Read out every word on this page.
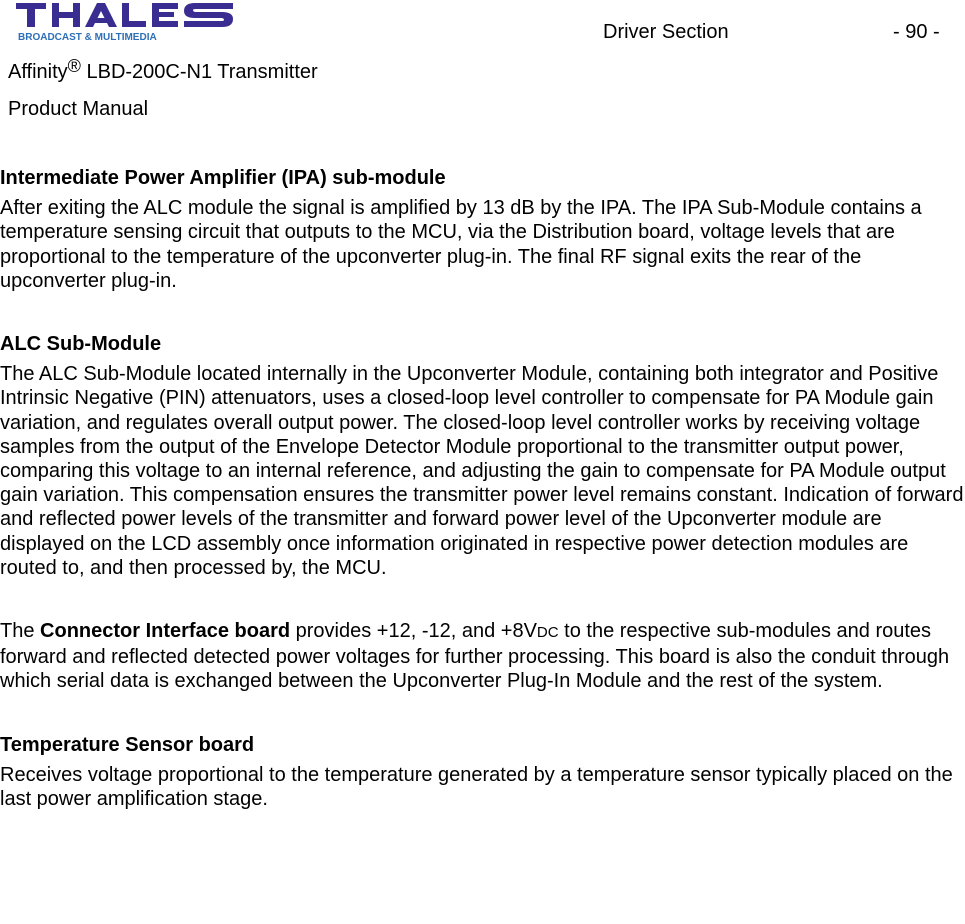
BROADCAST & MULTIMEDIA	Driver Section	- 90 -
Affinity® LBD-200C-N1 Transmitter
Product Manual
Intermediate Power Amplifier (IPA) sub-module

After exiting the ALC module the signal is amplified by 13 dB by the IPA. The IPA Sub-Module contains a temperature sensing circuit that outputs to the MCU, via the Distribution board, voltage levels that are proportional to the temperature of the upconverter plug-in. The final RF signal exits the rear of the upconverter plug-in.

ALC Sub-Module

The ALC Sub-Module located internally in the Upconverter Module, containing both integrator and Positive Intrinsic Negative (PIN) attenuators, uses a closed-loop level controller to compensate for PA Module gain variation, and regulates overall output power. The closed-loop level controller works by receiving voltage samples from the output of the Envelope Detector Module proportional to the transmitter output power, comparing this voltage to an internal reference, and adjusting the gain to compensate for PA Module output gain variation. This compensation ensures the transmitter power level remains constant. Indication of forward and reflected power levels of the transmitter and forward power level of the Upconverter module are displayed on the LCD assembly once information originated in respective power detection modules are routed to, and then processed by, the MCU.

The Connector Interface board provides +12, -12, and +8VDC to the respective sub-modules and routes forward and reflected detected power voltages for further processing. This board is also the conduit through which serial data is exchanged between the Upconverter Plug-In Module and the rest of the system.

Temperature Sensor board

Receives voltage proportional to the temperature generated by a temperature sensor typically placed on the last power amplification stage.
